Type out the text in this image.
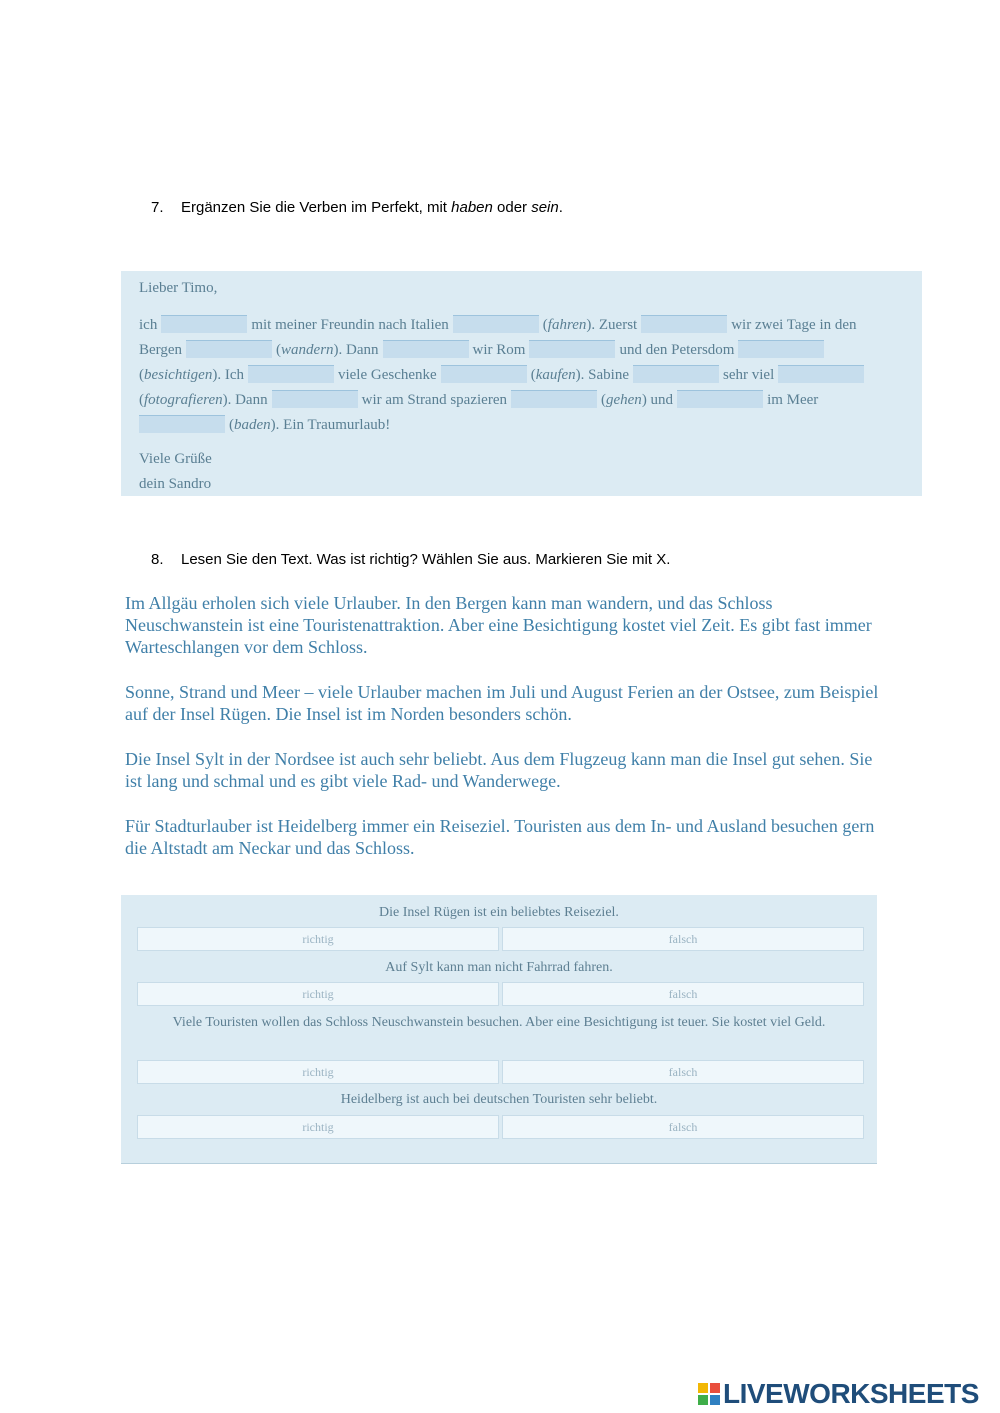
7. Ergänzen Sie die Verben im Perfekt, mit haben oder sein.
Lieber Timo,
ich	mit meiner Freundin nach Italien	(fahren). Zuerst	wir zwei Tage in den
Bergen	(wandern). Dann	wir Rom	und den Petersdom
(besichtigen). Ich	viele Geschenke	(kaufen). Sabine	sehr viel
(fotografieren). Dann	wir am Strand spazieren	(gehen) und	im Meer
(baden). Ein Traumurlaub!
Viele Grüße
dein Sandro
8. Lesen Sie den Text. Was ist richtig? Wählen Sie aus. Markieren Sie mit X.

Im Allgäu erholen sich viele Urlauber. In den Bergen kann man wandern, und das Schloss Neuschwanstein ist eine Touristenattraktion. Aber eine Besichtigung kostet viel Zeit. Es gibt fast immer Warteschlangen vor dem Schloss.

Sonne, Strand und Meer – viele Urlauber machen im Juli und August Ferien an der Ostsee, zum Beispiel auf der Insel Rügen. Die Insel ist im Norden besonders schön.

Die Insel Sylt in der Nordsee ist auch sehr beliebt. Aus dem Flugzeug kann man die Insel gut sehen. Sie ist lang und schmal und es gibt viele Rad- und Wanderwege.

Für Stadturlauber ist Heidelberg immer ein Reiseziel. Touristen aus dem In- und Ausland besuchen gern die Altstadt am Neckar und das Schloss.

Die Insel Rügen ist ein beliebtes Reiseziel.
richtig	falsch
Auf Sylt kann man nicht Fahrrad fahren.
richtig	falsch
Viele Touristen wollen das Schloss Neuschwanstein besuchen. Aber eine Besichtigung ist teuer. Sie kostet viel Geld.
richtig	falsch
Heidelberg ist auch bei deutschen Touristen sehr beliebt.
richtig	falsch
LIVEWORKSHEETS
